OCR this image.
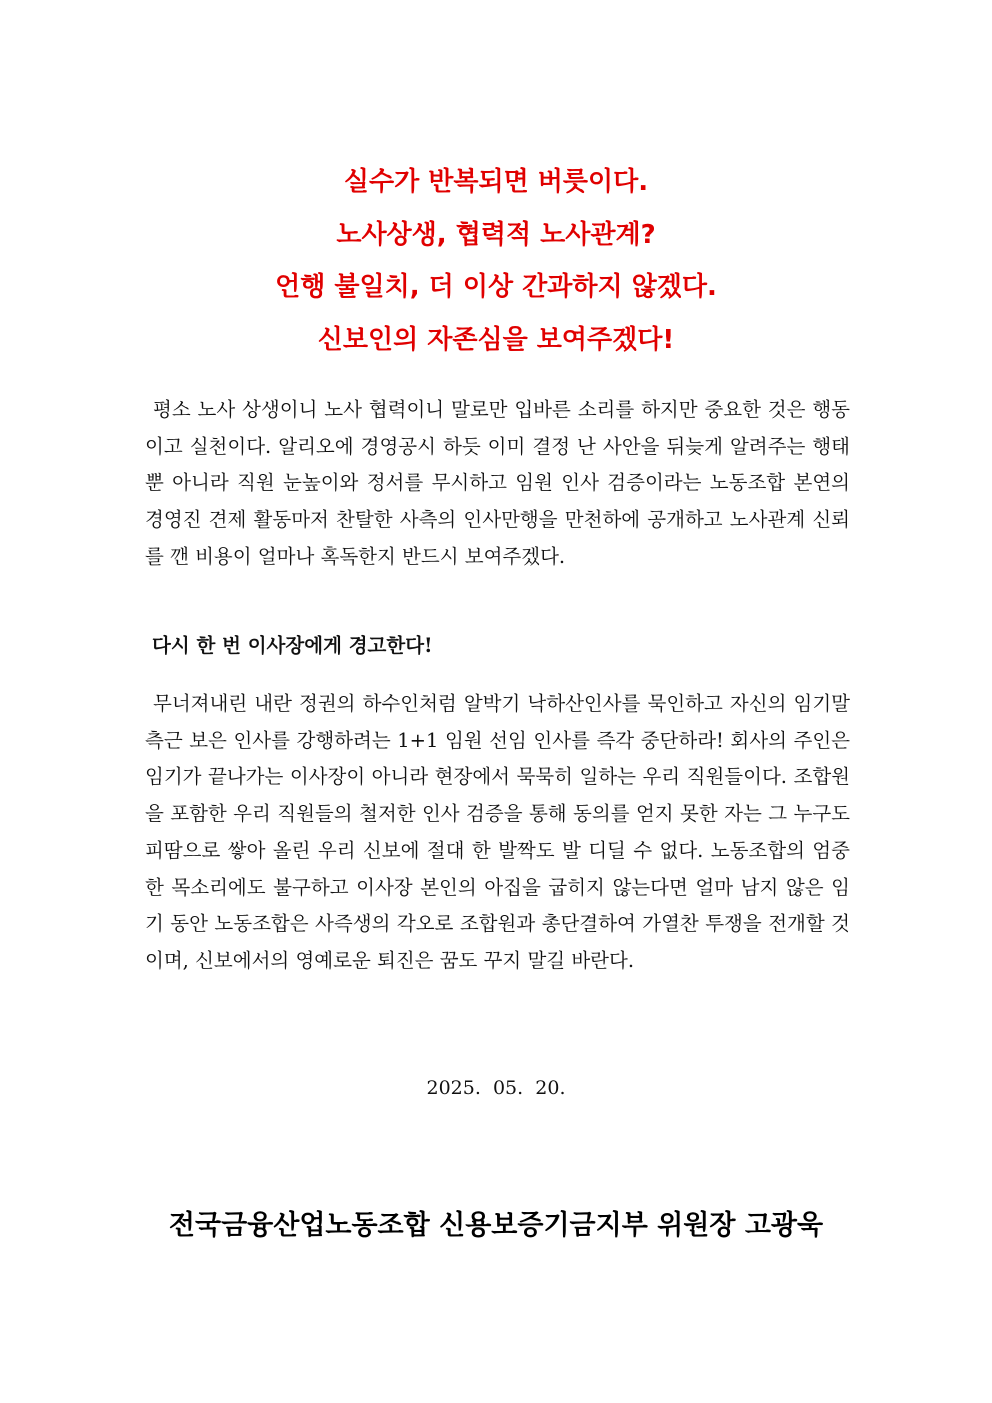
실수가 반복되면 버릇이다.
노사상생, 협력적 노사관계?
언행 불일치, 더 이상 간과하지 않겠다.
신보인의 자존심을 보여주겠다!

평소 노사 상생이니 노사 협력이니 말로만 입바른 소리를 하지만 중요한 것은 행동이고 실천이다. 알리오에 경영공시 하듯 이미 결정 난 사안을 뒤늦게 알려주는 행태뿐 아니라 직원 눈높이와 정서를 무시하고 임원 인사 검증이라는 노동조합 본연의 경영진 견제 활동마저 찬탈한 사측의 인사만행을 만천하에 공개하고 노사관계 신뢰를 깬 비용이 얼마나 혹독한지 반드시 보여주겠다.

다시 한 번 이사장에게 경고한다!

무너져내린 내란 정권의 하수인처럼 알박기 낙하산인사를 묵인하고 자신의 임기말 측근 보은 인사를 강행하려는 1+1 임원 선임 인사를 즉각 중단하라! 회사의 주인은 임기가 끝나가는 이사장이 아니라 현장에서 묵묵히 일하는 우리 직원들이다. 조합원을 포함한 우리 직원들의 철저한 인사 검증을 통해 동의를 얻지 못한 자는 그 누구도 피땀으로 쌓아 올린 우리 신보에 절대 한 발짝도 발 디딜 수 없다. 노동조합의 엄중한 목소리에도 불구하고 이사장 본인의 아집을 굽히지 않는다면 얼마 남지 않은 임기 동안 노동조합은 사즉생의 각오로 조합원과 총단결하여 가열찬 투쟁을 전개할 것이며, 신보에서의 영예로운 퇴진은 꿈도 꾸지 말길 바란다.

2025.  05.  20.
전국금융산업노동조합 신용보증기금지부 위원장 고광욱
